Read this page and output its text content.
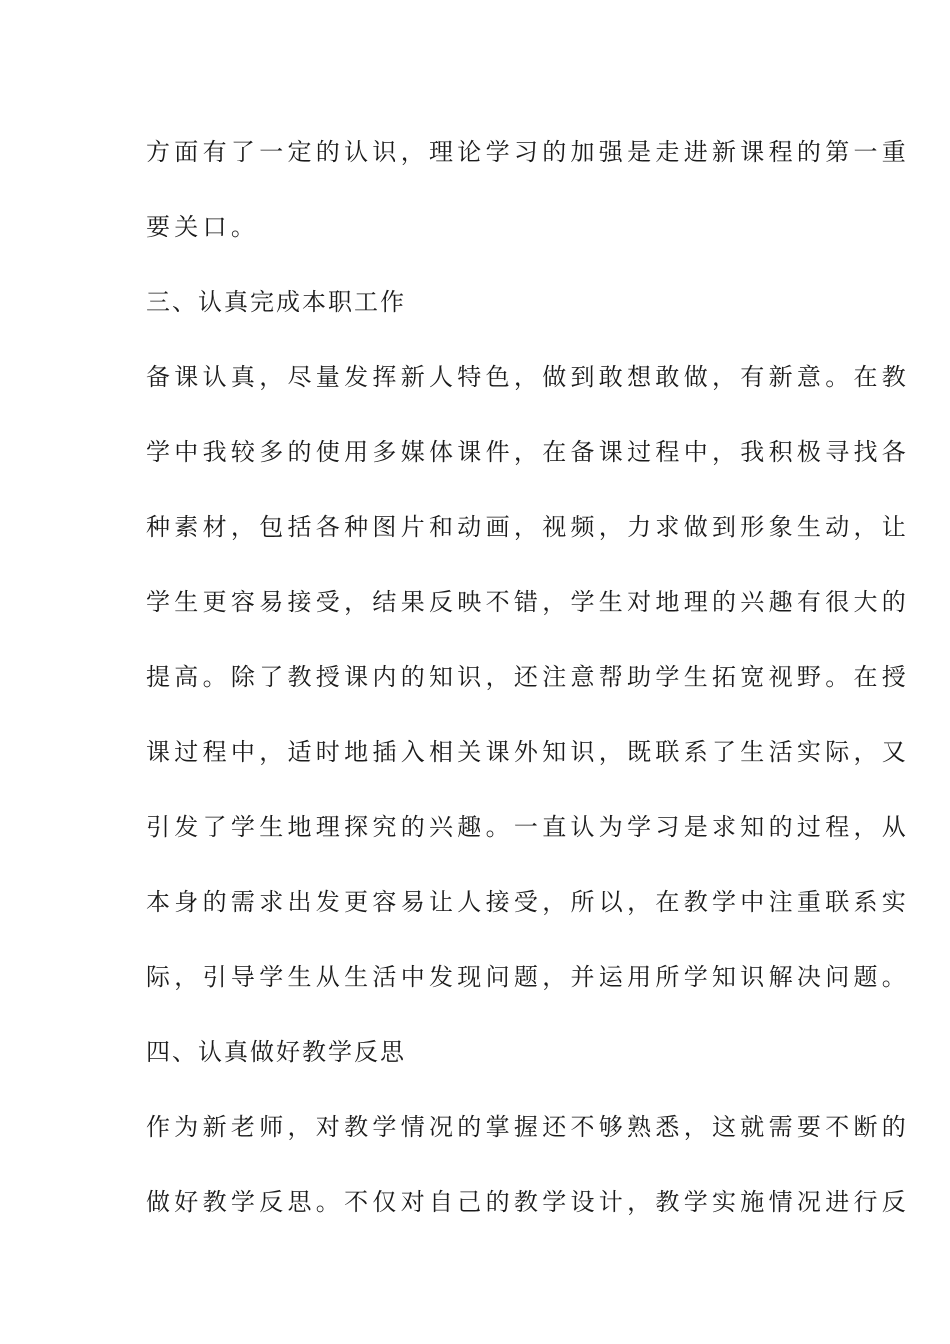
方面有了一定的认识，理论学习的加强是走进新课程的第一重
要关口。
三、认真完成本职工作
备课认真，尽量发挥新人特色，做到敢想敢做，有新意。在教
学中我较多的使用多媒体课件，在备课过程中，我积极寻找各
种素材，包括各种图片和动画，视频，力求做到形象生动，让
学生更容易接受，结果反映不错，学生对地理的兴趣有很大的
提高。除了教授课内的知识，还注意帮助学生拓宽视野。在授
课过程中，适时地插入相关课外知识，既联系了生活实际，又
引发了学生地理探究的兴趣。一直认为学习是求知的过程，从
本身的需求出发更容易让人接受，所以，在教学中注重联系实
际，引导学生从生活中发现问题，并运用所学知识解决问题。
四、认真做好教学反思
作为新老师，对教学情况的掌握还不够熟悉，这就需要不断的
做好教学反思。不仅对自己的教学设计，教学实施情况进行反
